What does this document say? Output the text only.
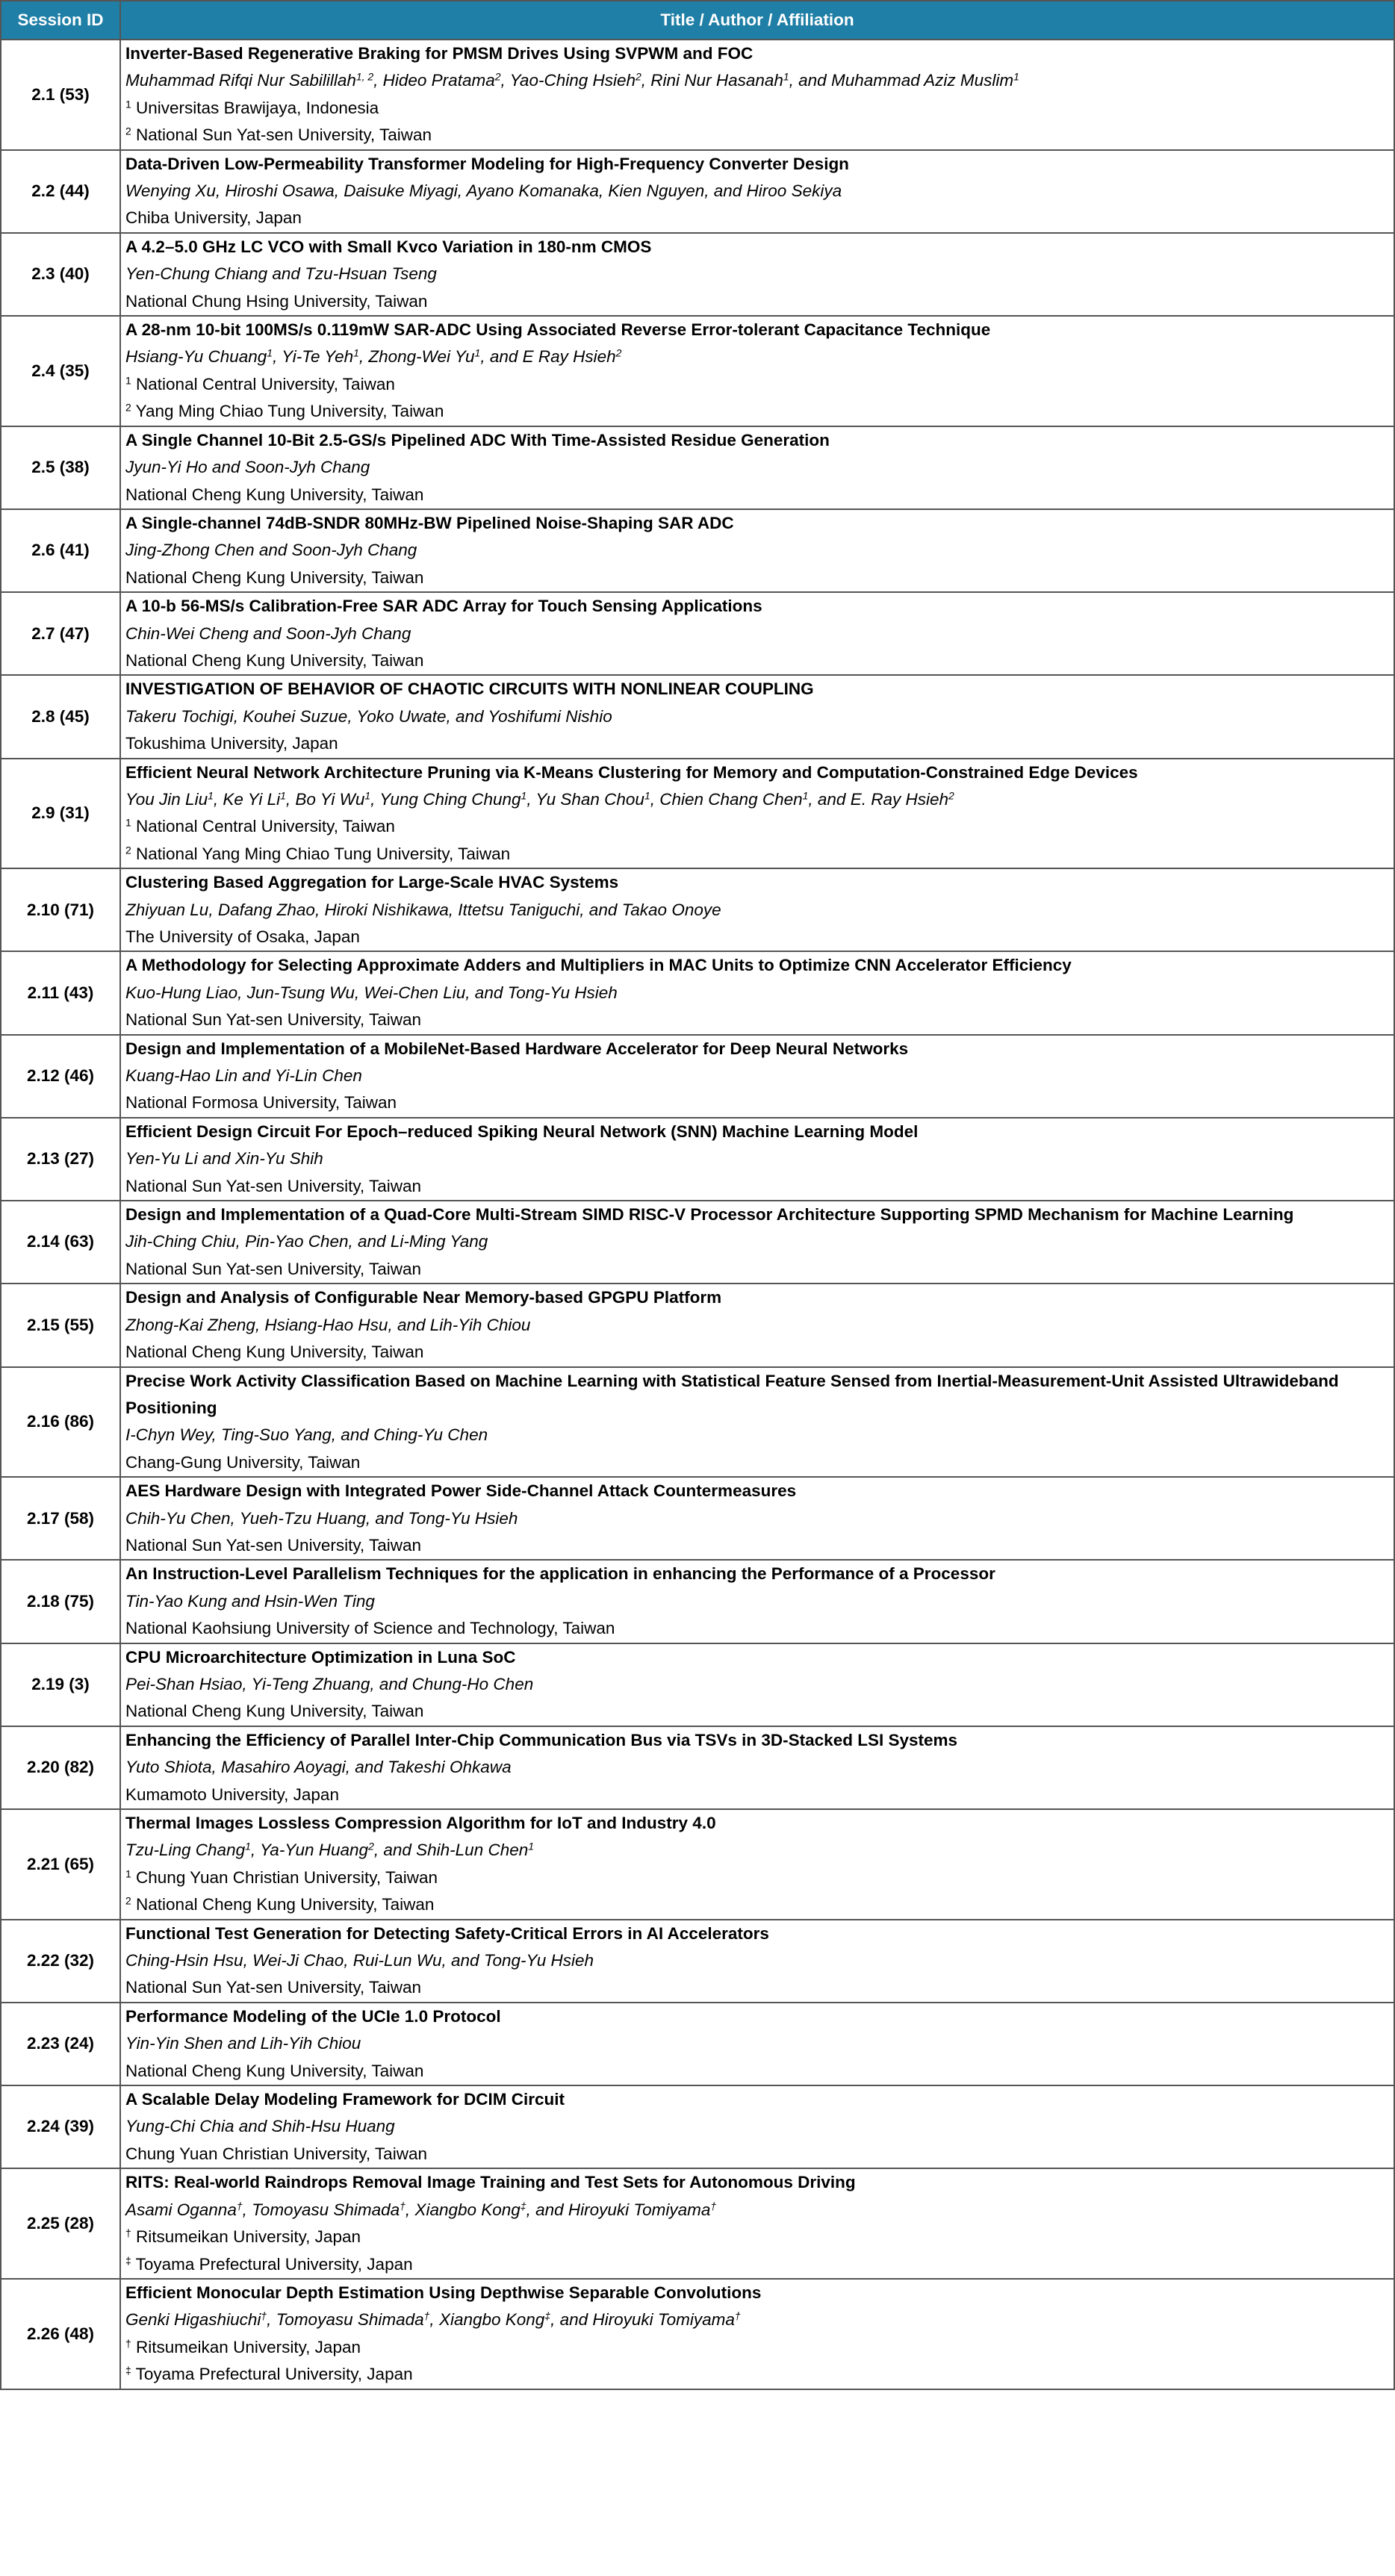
Session ID	Title / Author / Affiliation
2.1 (53)	Inverter-Based Regenerative Braking for PMSM Drives Using SVPWM and FOC
Muhammad Rifqi Nur Sabilillah$^{1, 2}$, Hideo Pratama$^2$, Yao-Ching Hsieh$^2$, Rini Nur Hasanah$^1$, and Muhammad Aziz Muslim$^1$
$^1$ Universitas Brawijaya, Indonesia
$^2$ National Sun Yat-sen University, Taiwan

2.2 (44)	Data-Driven Low-Permeability Transformer Modeling for High-Frequency Converter Design
Wenying Xu, Hiroshi Osawa, Daisuke Miyagi, Ayano Komanaka, Kien Nguyen, and Hiroo Sekiya
Chiba University, Japan

2.3 (40)	A 4.2–5.0 GHz LC VCO with Small Kvco Variation in 180-nm CMOS
Yen-Chung Chiang and Tzu-Hsuan Tseng
National Chung Hsing University, Taiwan

2.4 (35)	A 28-nm 10-bit 100MS/s 0.119mW SAR-ADC Using Associated Reverse Error-tolerant Capacitance Technique
Hsiang-Yu Chuang$^1$, Yi-Te Yeh$^1$, Zhong-Wei Yu$^1$, and E Ray Hsieh$^2$
$^1$ National Central University, Taiwan
$^2$ Yang Ming Chiao Tung University, Taiwan

2.5 (38)	A Single Channel 10-Bit 2.5-GS/s Pipelined ADC With Time-Assisted Residue Generation
Jyun-Yi Ho and Soon-Jyh Chang
National Cheng Kung University, Taiwan

2.6 (41)	A Single-channel 74dB-SNDR 80MHz-BW Pipelined Noise-Shaping SAR ADC
Jing-Zhong Chen and Soon-Jyh Chang
National Cheng Kung University, Taiwan

2.7 (47)	A 10-b 56-MS/s Calibration-Free SAR ADC Array for Touch Sensing Applications
Chin-Wei Cheng and Soon-Jyh Chang
National Cheng Kung University, Taiwan

2.8 (45)	INVESTIGATION OF BEHAVIOR OF CHAOTIC CIRCUITS WITH NONLINEAR COUPLING
Takeru Tochigi, Kouhei Suzue, Yoko Uwate, and Yoshifumi Nishio
Tokushima University, Japan

2.9 (31)	Efficient Neural Network Architecture Pruning via K-Means Clustering for Memory and Computation-Constrained Edge Devices
You Jin Liu$^1$, Ke Yi Li$^1$, Bo Yi Wu$^1$, Yung Ching Chung$^1$, Yu Shan Chou$^1$, Chien Chang Chen$^1$, and E. Ray Hsieh$^2$
$^1$ National Central University, Taiwan
$^2$ National Yang Ming Chiao Tung University, Taiwan

2.10 (71)	Clustering Based Aggregation for Large-Scale HVAC Systems
Zhiyuan Lu, Dafang Zhao, Hiroki Nishikawa, Ittetsu Taniguchi, and Takao Onoye
The University of Osaka, Japan

2.11 (43)	A Methodology for Selecting Approximate Adders and Multipliers in MAC Units to Optimize CNN Accelerator Efficiency
Kuo-Hung Liao, Jun-Tsung Wu, Wei-Chen Liu, and Tong-Yu Hsieh
National Sun Yat-sen University, Taiwan

2.12 (46)	Design and Implementation of a MobileNet-Based Hardware Accelerator for Deep Neural Networks
Kuang-Hao Lin and Yi-Lin Chen
National Formosa University, Taiwan

2.13 (27)	Efficient Design Circuit For Epoch–reduced Spiking Neural Network (SNN) Machine Learning Model
Yen-Yu Li and Xin-Yu Shih
National Sun Yat-sen University, Taiwan

2.14 (63)	Design and Implementation of a Quad-Core Multi-Stream SIMD RISC-V Processor Architecture Supporting SPMD Mechanism for Machine Learning
Jih-Ching Chiu, Pin-Yao Chen, and Li-Ming Yang
National Sun Yat-sen University, Taiwan

2.15 (55)	Design and Analysis of Configurable Near Memory-based GPGPU Platform
Zhong-Kai Zheng, Hsiang-Hao Hsu, and Lih-Yih Chiou
National Cheng Kung University, Taiwan

2.16 (86)	Precise Work Activity Classification Based on Machine Learning with Statistical Feature Sensed from Inertial-Measurement-Unit Assisted Ultrawideband Positioning
I-Chyn Wey, Ting-Suo Yang, and Ching-Yu Chen
Chang-Gung University, Taiwan

2.17 (58)	AES Hardware Design with Integrated Power Side-Channel Attack Countermeasures
Chih-Yu Chen, Yueh-Tzu Huang, and Tong-Yu Hsieh
National Sun Yat-sen University, Taiwan

2.18 (75)	An Instruction-Level Parallelism Techniques for the application in enhancing the Performance of a Processor
Tin-Yao Kung and Hsin-Wen Ting
National Kaohsiung University of Science and Technology, Taiwan

2.19 (3)	CPU Microarchitecture Optimization in Luna SoC
Pei-Shan Hsiao, Yi-Teng Zhuang, and Chung-Ho Chen
National Cheng Kung University, Taiwan

2.20 (82)	Enhancing the Efficiency of Parallel Inter-Chip Communication Bus via TSVs in 3D-Stacked LSI Systems
Yuto Shiota, Masahiro Aoyagi, and Takeshi Ohkawa
Kumamoto University, Japan

2.21 (65)	Thermal Images Lossless Compression Algorithm for IoT and Industry 4.0
Tzu-Ling Chang$^1$, Ya-Yun Huang$^2$, and Shih-Lun Chen$^1$
$^1$ Chung Yuan Christian University, Taiwan
$^2$ National Cheng Kung University, Taiwan

2.22 (32)	Functional Test Generation for Detecting Safety-Critical Errors in AI Accelerators
Ching-Hsin Hsu, Wei-Ji Chao, Rui-Lun Wu, and Tong-Yu Hsieh
National Sun Yat-sen University, Taiwan

2.23 (24)	Performance Modeling of the UCIe 1.0 Protocol
Yin-Yin Shen and Lih-Yih Chiou
National Cheng Kung University, Taiwan

2.24 (39)	A Scalable Delay Modeling Framework for DCIM Circuit
Yung-Chi Chia and Shih-Hsu Huang
Chung Yuan Christian University, Taiwan

2.25 (28)	RITS: Real-world Raindrops Removal Image Training and Test Sets for Autonomous Driving
Asami Oganna†, Tomoyasu Shimada†, Xiangbo Kong‡, and Hiroyuki Tomiyama†
† Ritsumeikan University, Japan
‡ Toyama Prefectural University, Japan

2.26 (48)	Efficient Monocular Depth Estimation Using Depthwise Separable Convolutions
Genki Higashiuchi†, Tomoyasu Shimada†, Xiangbo Kong‡, and Hiroyuki Tomiyama†
† Ritsumeikan University, Japan
‡ Toyama Prefectural University, Japan
